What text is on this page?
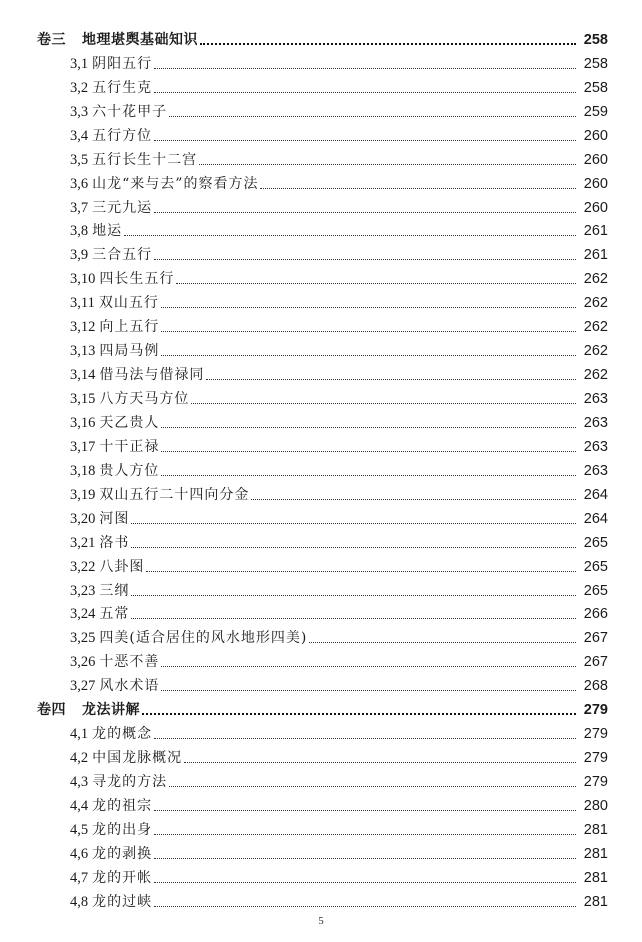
卷三 地理堪舆基础知识	258
3,1 阴阳五行	258
3,2 五行生克	258
3,3 六十花甲子	259
3,4 五行方位	260
3,5 五行长生十二宫	260
3,6 山龙“来与去”的察看方法	260
3,7 三元九运	260
3,8 地运	261
3,9 三合五行	261
3,10 四长生五行	262
3,11 双山五行	262
3,12 向上五行	262
3,13 四局马例	262
3,14 借马法与借禄同	262
3,15 八方天马方位	263
3,16 天乙贵人	263
3,17 十干正禄	263
3,18 贵人方位	263
3,19 双山五行二十四向分金	264
3,20 河图	264
3,21 洛书	265
3,22 八卦图	265
3,23 三纲	265
3,24 五常	266
3,25 四美(适合居住的风水地形四美)	267
3,26 十恶不善	267
3,27 风水术语	268
卷四 龙法讲解	279
4,1 龙的概念	279
4,2 中国龙脉概况	279
4,3 寻龙的方法	279
4,4 龙的祖宗	280
4,5 龙的出身	281
4,6 龙的剥换	281
4,7 龙的开帐	281
4,8 龙的过峡	281
5
